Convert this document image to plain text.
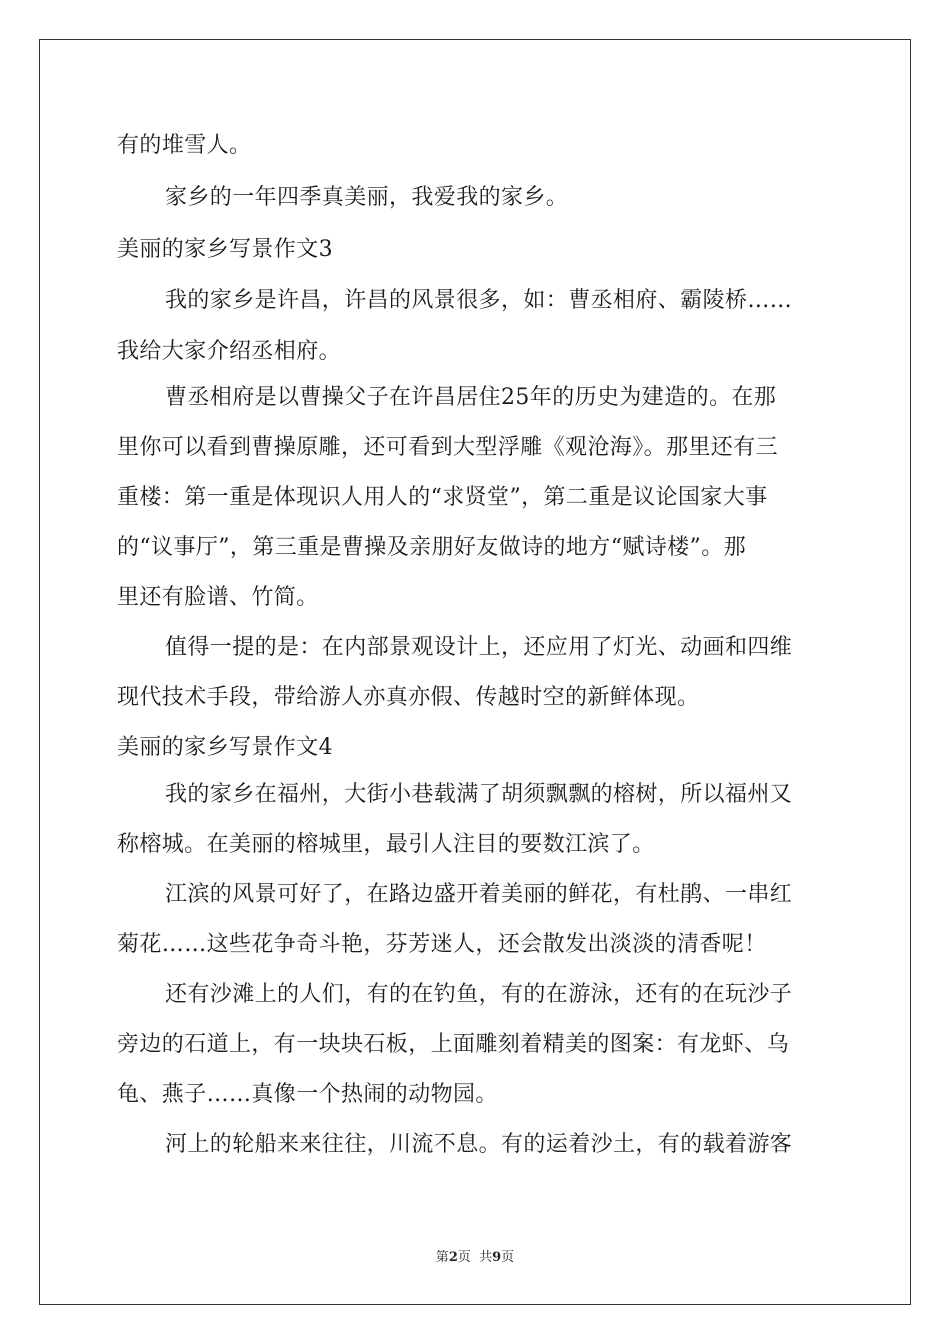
有的堆雪人。
家乡的一年四季真美丽，我爱我的家乡。
美丽的家乡写景作文3
我的家乡是许昌，许昌的风景很多，如：曹丞相府、霸陵桥……
我给大家介绍丞相府。
曹丞相府是以曹操父子在许昌居住25年的历史为建造的。在那
里你可以看到曹操原雕，还可看到大型浮雕《观沧海》。那里还有三
重楼：第一重是体现识人用人的“求贤堂”，第二重是议论国家大事
的“议事厅”，第三重是曹操及亲朋好友做诗的地方“赋诗楼”。那
里还有脸谱、竹简。
值得一提的是：在内部景观设计上，还应用了灯光、动画和四维
现代技术手段，带给游人亦真亦假、传越时空的新鲜体现。
美丽的家乡写景作文4
我的家乡在福州，大街小巷载满了胡须飘飘的榕树，所以福州又
称榕城。在美丽的榕城里，最引人注目的要数江滨了。
江滨的风景可好了，在路边盛开着美丽的鲜花，有杜鹃、一串红
菊花……这些花争奇斗艳，芬芳迷人，还会散发出淡淡的清香呢！
还有沙滩上的人们，有的在钓鱼，有的在游泳，还有的在玩沙子
旁边的石道上，有一块块石板，上面雕刻着精美的图案：有龙虾、乌
龟、燕子……真像一个热闹的动物园。
河上的轮船来来往往，川流不息。有的运着沙土，有的载着游客
第2页  共9页
